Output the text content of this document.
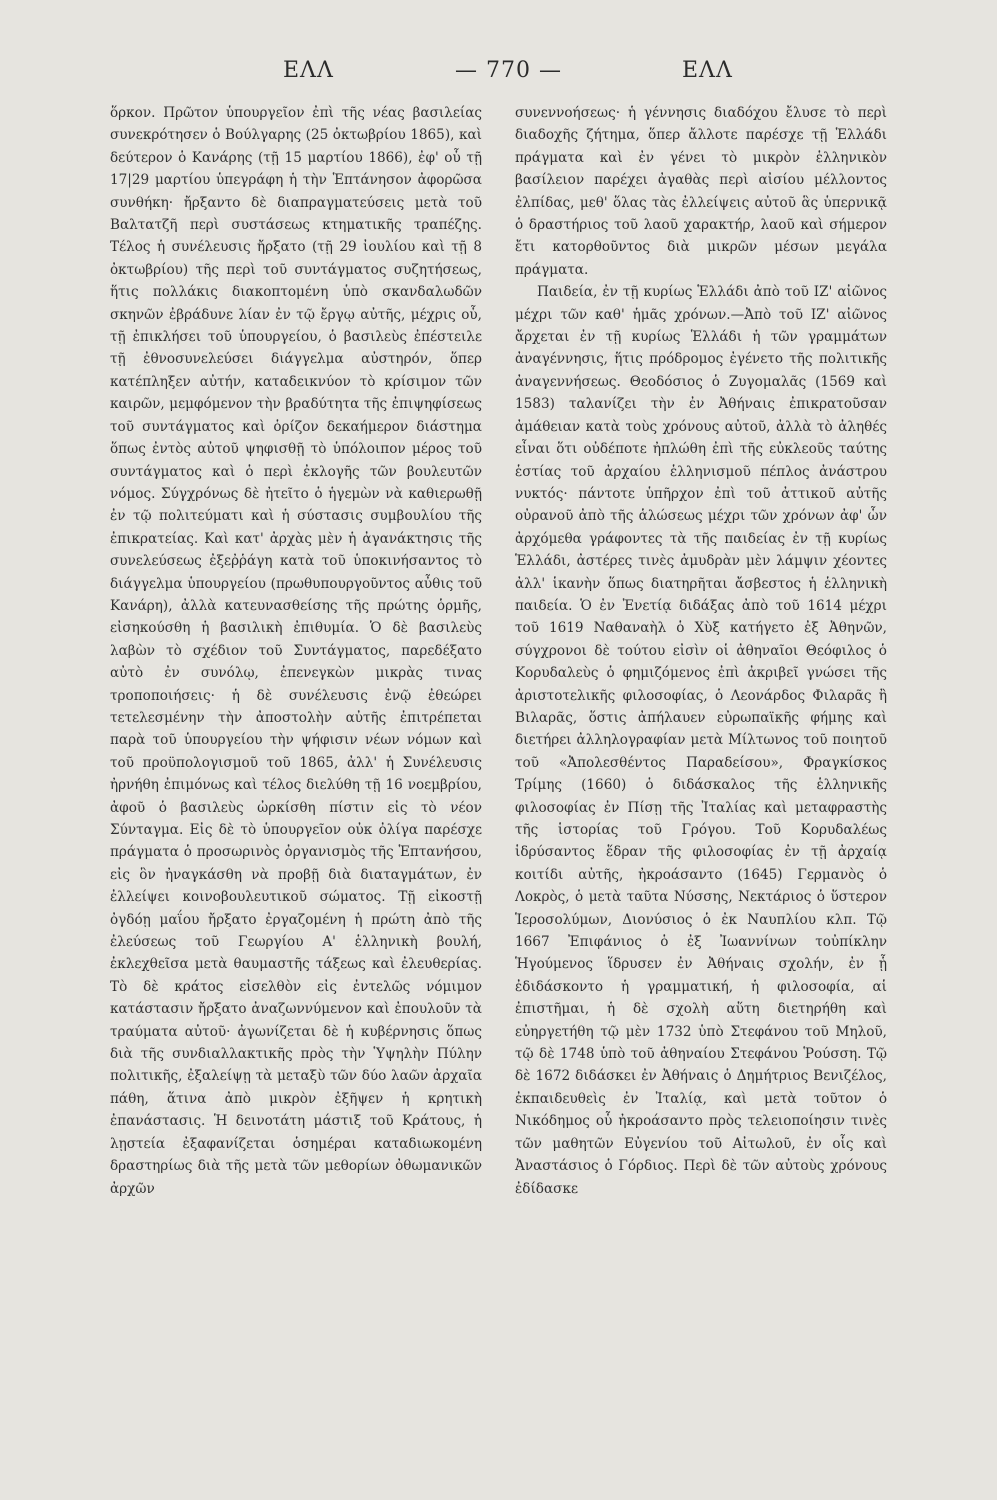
ΕΛΛ	— 770 —	ΕΛΛ

ὅρκον. Πρῶτον ὑπουργεῖον ἐπὶ τῆς νέας βασιλείας συνεκρότησεν ὁ Βούλγαρης (25 ὀκτωβρίου 1865), καὶ δεύτερον ὁ Κανάρης (τῇ 15 μαρτίου 1866), ἐφ' οὗ τῇ 17|29 μαρτίου ὑπεγράφη ἡ τὴν Ἑπτάνησον ἀφορῶσα συνθήκη· ἤρξαντο δὲ διαπραγματεύσεις μετὰ τοῦ Βαλτατζῆ περὶ συστάσεως κτηματικῆς τραπέζης. Τέλος ἡ συνέλευσις ἤρξατο (τῇ 29 ἰουλίου καὶ τῇ 8 ὀκτωβρίου) τῆς περὶ τοῦ συντάγματος συζητήσεως, ἥτις πολλάκις διακοπτομένη ὑπὸ σκανδαλωδῶν σκηνῶν ἐβράδυνε λίαν ἐν τῷ ἔργῳ αὐτῆς, μέχρις οὗ, τῇ ἐπικλήσει τοῦ ὑπουργείου, ὁ βασιλεὺς ἐπέστειλε τῇ ἐθνοσυνελεύσει διάγγελμα αὐστηρόν, ὅπερ κατέπληξεν αὐτήν, καταδεικνύον τὸ κρίσιμον τῶν καιρῶν, μεμφόμενον τὴν βραδύτητα τῆς ἐπιψηφίσεως τοῦ συντάγματος καὶ ὁρίζον δεκαήμερον διάστημα ὅπως ἐντὸς αὐτοῦ ψηφισθῇ τὸ ὑπόλοιπον μέρος τοῦ συντάγματος καὶ ὁ περὶ ἐκλογῆς τῶν βουλευτῶν νόμος. Σύγχρόνως δὲ ἠτεῖτο ὁ ἡγεμὼν νὰ καθιερωθῇ ἐν τῷ πολιτεύματι καὶ ἡ σύστασις συμβουλίου τῆς ἐπικρατείας. Καὶ κατ' ἀρχὰς μὲν ἡ ἀγανάκτησις τῆς συνελεύσεως ἐξεῤῥάγη κατὰ τοῦ ὑποκινήσαντος τὸ διάγγελμα ὑπουργείου (πρωθυπουργοῦντος αὖθις τοῦ Κανάρη), ἀλλὰ κατευνασθείσης τῆς πρώτης ὁρμῆς, εἰσηκούσθη ἡ βασιλικὴ ἐπιθυμία. Ὁ δὲ βασιλεὺς λαβὼν τὸ σχέδιον τοῦ Συντάγματος, παρεδέξατο αὐτὸ ἐν συνόλῳ, ἐπενεγκὼν μικρὰς τινας τροποποιήσεις· ἡ δὲ συνέλευσις ἐνῷ ἐθεώρει τετελεσμένην τὴν ἀποστολὴν αὐτῆς ἐπιτρέπεται παρὰ τοῦ ὑπουργείου τὴν ψήφισιν νέων νόμων καὶ τοῦ προϋπολογισμοῦ τοῦ 1865, ἀλλ' ἡ Συνέλευσις ἠρνήθη ἐπιμόνως καὶ τέλος διελύθη τῇ 16 νοεμβρίου, ἀφοῦ ὁ βασιλεὺς ὠρκίσθη πίστιν εἰς τὸ νέον Σύνταγμα. Εἰς δὲ τὸ ὑπουργεῖον οὐκ ὀλίγα παρέσχε πράγματα ὁ προσωρινὸς ὀργανισμὸς τῆς Ἑπτανήσου, εἰς ὃν ἠναγκάσθη νὰ προβῇ διὰ διαταγμάτων, ἐν ἐλλείψει κοινοβουλευτικοῦ σώματος. Τῇ εἰκοστῇ ὀγδόῃ μαΐου ἤρξατο ἐργαζομένη ἡ πρώτη ἀπὸ τῆς ἐλεύσεως τοῦ Γεωργίου Α' ἑλληνικὴ βουλή, ἐκλεχθεῖσα μετὰ θαυμαστῆς τάξεως καὶ ἐλευθερίας. Τὸ δὲ κράτος εἰσελθὸν εἰς ἐντελῶς νόμιμον κατάστασιν ἤρξατο ἀναζωννύμενον καὶ ἐπουλοῦν τὰ τραύματα αὐτοῦ· ἀγωνίζεται δὲ ἡ κυβέρνησις ὅπως διὰ τῆς συνδιαλλακτικῆς πρὸς τὴν Ὑψηλὴν Πύλην πολιτικῆς, ἐξαλείψῃ τὰ μεταξὺ τῶν δύο λαῶν ἀρχαῖα πάθη, ἅτινα ἀπὸ μικρὸν ἐξῆψεν ἡ κρητικὴ ἐπανάστασις. Ἡ δεινοτάτη μάστιξ τοῦ Κράτους, ἡ λῃστεία ἐξαφανίζεται ὁσημέραι καταδιωκομένη δραστηρίως διὰ τῆς μετὰ τῶν μεθορίων ὀθωμανικῶν ἀρχῶν

συνεννοήσεως· ἡ γέννησις διαδόχου ἔλυσε τὸ περὶ διαδοχῆς ζήτημα, ὅπερ ἄλλοτε παρέσχε τῇ Ἑλλάδι πράγματα καὶ ἐν γένει τὸ μικρὸν ἑλληνικὸν βασίλειον παρέχει ἀγαθὰς περὶ αἰσίου μέλλοντος ἐλπίδας, μεθ' ὅλας τὰς ἐλλείψεις αὐτοῦ ἃς ὑπερνικᾷ ὁ δραστήριος τοῦ λαοῦ χαρακτήρ, λαοῦ καὶ σήμερον ἔτι κατορθοῦντος διὰ μικρῶν μέσων μεγάλα πράγματα.

Παιδεία, ἐν τῇ κυρίως Ἑλλάδι ἀπὸ τοῦ ΙΖ' αἰῶνος μέχρι τῶν καθ' ἡμᾶς χρόνων.—Ἀπὸ τοῦ ΙΖ' αἰῶνος ἄρχεται ἐν τῇ κυρίως Ἑλλάδι ἡ τῶν γραμμάτων ἀναγέννησις, ἥτις πρόδρομος ἐγένετο τῆς πολιτικῆς ἀναγεννήσεως. Θεοδόσιος ὁ Ζυγομαλᾶς (1569 καὶ 1583) ταλανίζει τὴν ἐν Ἀθήναις ἐπικρατοῦσαν ἀμάθειαν κατὰ τοὺς χρόνους αὐτοῦ, ἀλλὰ τὸ ἀληθές εἶναι ὅτι οὐδέποτε ἠπλώθη ἐπὶ τῆς εὐκλεοῦς ταύτης ἑστίας τοῦ ἀρχαίου ἑλληνισμοῦ πέπλος ἀνάστρου νυκτός· πάντοτε ὑπῆρχον ἐπὶ τοῦ ἀττικοῦ αὐτῆς οὐρανοῦ ἀπὸ τῆς ἁλώσεως μέχρι τῶν χρόνων ἀφ' ὧν ἀρχόμεθα γράφοντες τὰ τῆς παιδείας ἐν τῇ κυρίως Ἑλλάδι, ἀστέρες τινὲς ἀμυδρὰν μὲν λάμψιν χέοντες ἀλλ' ἱκανὴν ὅπως διατηρῆται ἄσβεστος ἡ ἑλληνικὴ παιδεία. Ὁ ἐν Ἐνετίᾳ διδάξας ἀπὸ τοῦ 1614 μέχρι τοῦ 1619 Ναθαναὴλ ὁ Χὺξ κατήγετο ἐξ Ἀθηνῶν, σύγχρονοι δὲ τούτου εἰσὶν οἱ ἀθηναῖοι Θεόφιλος ὁ Κορυδαλεὺς ὁ φημιζόμενος ἐπὶ ἀκριβεῖ γνώσει τῆς ἀριστοτελικῆς φιλοσοφίας, ὁ Λεονάρδος Φιλαρᾶς ἢ Βιλαρᾶς, ὅστις ἀπήλαυεν εὐρωπαϊκῆς φήμης καὶ διετήρει ἀλληλογραφίαν μετὰ Μίλτωνος τοῦ ποιητοῦ τοῦ «Ἀπολεσθέντος Παραδείσου», Φραγκίσκος Τρίμης (1660) ὁ διδάσκαλος τῆς ἑλληνικῆς φιλοσοφίας ἐν Πίσῃ τῆς Ἰταλίας καὶ μεταφραστὴς τῆς ἱστορίας τοῦ Γρόγου. Τοῦ Κορυδαλέως ἱδρύσαντος ἕδραν τῆς φιλοσοφίας ἐν τῇ ἀρχαίᾳ κοιτίδι αὐτῆς, ἠκροάσαντο (1645) Γερμανὸς ὁ Λοκρὸς, ὁ μετὰ ταῦτα Νύσσης, Νεκτάριος ὁ ὕστερον Ἱεροσολύμων, Διονύσιος ὁ ἐκ Ναυπλίου κλπ. Τῷ 1667 Ἐπιφάνιος ὁ ἐξ Ἰωαννίνων τοὐπίκλην Ἡγούμενος ἵδρυσεν ἐν Ἀθήναις σχολήν, ἐν ᾗ ἐδιδάσκοντο ἡ γραμματική, ἡ φιλοσοφία, αἱ ἐπιστῆμαι, ἡ δὲ σχολὴ αὕτη διετηρήθη καὶ εὐηργετήθη τῷ μὲν 1732 ὑπὸ Στεφάνου τοῦ Μηλοῦ, τῷ δὲ 1748 ὑπὸ τοῦ ἀθηναίου Στεφάνου Ῥούσση. Τῷ δὲ 1672 διδάσκει ἐν Ἀθήναις ὁ Δημήτριος Βενιζέλος, ἐκπαιδευθεὶς ἐν Ἰταλίᾳ, καὶ μετὰ τοῦτον ὁ Νικόδημος οὗ ἠκροάσαντο πρὸς τελειοποίησιν τινὲς τῶν μαθητῶν Εὐγενίου τοῦ Αἰτωλοῦ, ἐν οἷς καὶ Ἀναστάσιος ὁ Γόρδιος. Περὶ δὲ τῶν αὐτοὺς χρόνους ἐδίδασκε
